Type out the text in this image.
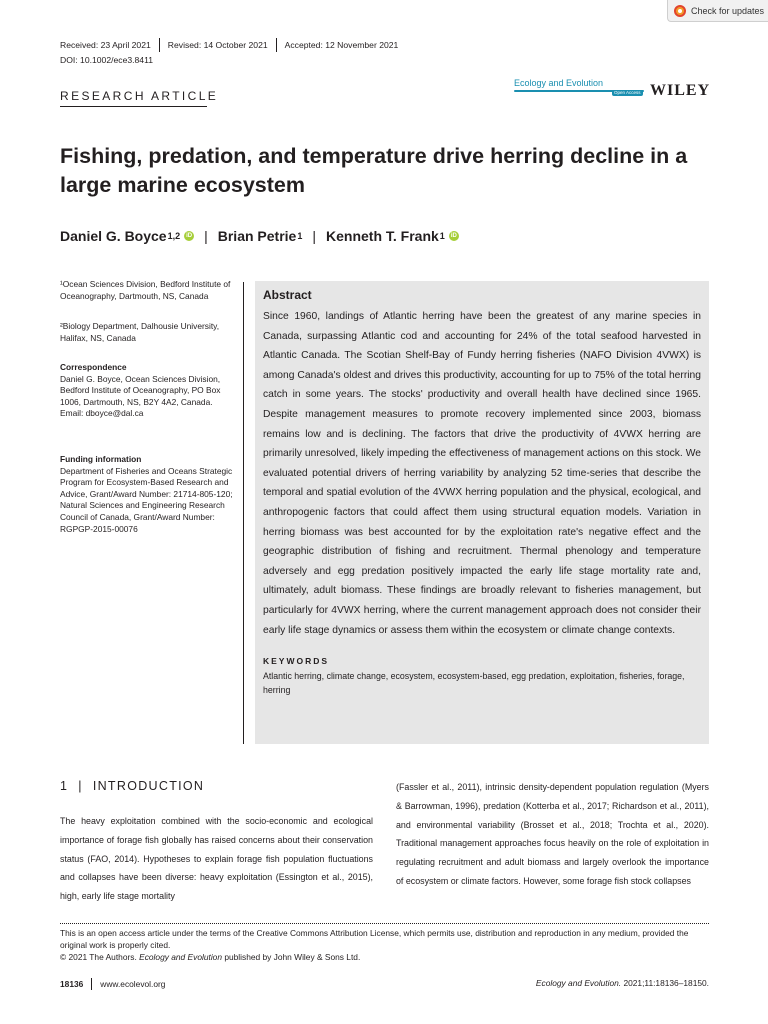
Check for updates
Received: 23 April 2021	Revised: 14 October 2021	Accepted: 12 November 2021
DOI: 10.1002/ece3.8411
RESEARCH ARTICLE
Ecology and Evolution
Open Access WILEY
Fishing, predation, and temperature drive herring decline in a large marine ecosystem
Daniel G. Boyce 1,2	iD | Brian Petrie 1 | Kenneth T. Frank 1	iD
¹Ocean Sciences Division, Bedford Institute of Oceanography, Dartmouth, NS, Canada
²Biology Department, Dalhousie University, Halifax, NS, Canada
Correspondence
Daniel G. Boyce, Ocean Sciences Division, Bedford Institute of Oceanography, PO Box 1006, Dartmouth, NS, B2Y 4A2, Canada.
Email: dboyce@dal.ca
Funding information
Department of Fisheries and Oceans Strategic Program for Ecosystem-Based Research and Advice, Grant/Award Number: 21714-805-120; Natural Sciences and Engineering Research Council of Canada, Grant/Award Number: RGPGP-2015-00076
Abstract
Since 1960, landings of Atlantic herring have been the greatest of any marine species in Canada, surpassing Atlantic cod and accounting for 24% of the total seafood harvested in Atlantic Canada. The Scotian Shelf-Bay of Fundy herring fisheries (NAFO Division 4VWX) is among Canada's oldest and drives this productivity, accounting for up to 75% of the total herring catch in some years. The stocks' productivity and overall health have declined since 1965. Despite management measures to promote recovery implemented since 2003, biomass remains low and is declining. The factors that drive the productivity of 4VWX herring are primarily unresolved, likely impeding the effectiveness of management actions on this stock. We evaluated potential drivers of herring variability by analyzing 52 time-series that describe the temporal and spatial evolution of the 4VWX herring population and the physical, ecological, and anthropogenic factors that could affect them using structural equation models. Variation in herring biomass was best accounted for by the exploitation rate's negative effect and the geographic distribution of fishing and recruitment. Thermal phenology and temperature adversely and egg predation positively impacted the early life stage mortality rate and, ultimately, adult biomass. These findings are broadly relevant to fisheries management, but particularly for 4VWX herring, where the current management approach does not consider their early life stage dynamics or assess them within the ecosystem or climate change contexts.
KEYWORDS
Atlantic herring, climate change, ecosystem, ecosystem-based, egg predation, exploitation, fisheries, forage, herring
1 | INTRODUCTION
The heavy exploitation combined with the socio-economic and ecological importance of forage fish globally has raised concerns about their conservation status (FAO, 2014). Hypotheses to explain forage fish population fluctuations and collapses have been diverse: heavy exploitation (Essington et al., 2015), high, early life stage mortality
(Fassler et al., 2011), intrinsic density-dependent population regulation (Myers & Barrowman, 1996), predation (Kotterba et al., 2017; Richardson et al., 2011), and environmental variability (Brosset et al., 2018; Trochta et al., 2020). Traditional management approaches focus heavily on the role of exploitation in regulating recruitment and adult biomass and largely overlook the importance of ecosystem or climate factors. However, some forage fish stock collapses
This is an open access article under the terms of the Creative Commons Attribution License, which permits use, distribution and reproduction in any medium, provided the original work is properly cited.
© 2021 The Authors. Ecology and Evolution published by John Wiley & Sons Ltd.
18136 www.ecolevol.org	Ecology and Evolution. 2021;11:18136–18150.
